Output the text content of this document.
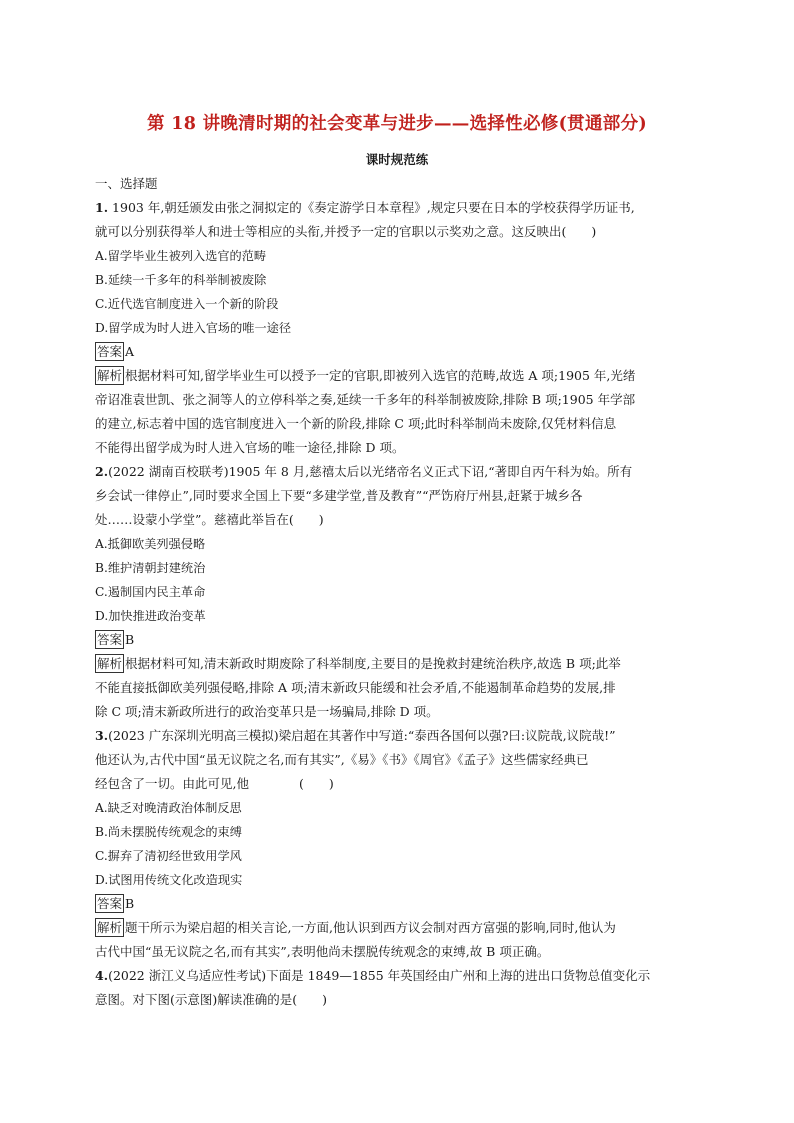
第 18 讲晚清时期的社会变革与进步——选择性必修(贯通部分)
课时规范练
一、选择题
1. 1903 年,朝廷颁发由张之洞拟定的《奏定游学日本章程》,规定只要在日本的学校获得学历证书,
就可以分别获得举人和进士等相应的头衔,并授予一定的官职以示奖劝之意。这反映出(　　)
A.留学毕业生被列入选官的范畴
B.延续一千多年的科举制被废除
C.近代选官制度进入一个新的阶段
D.留学成为时人进入官场的唯一途径
答案 A
解析 根据材料可知,留学毕业生可以授予一定的官职,即被列入选官的范畴,故选 A 项;1905 年,光绪
帝诏准袁世凯、张之洞等人的立停科举之奏,延续一千多年的科举制被废除,排除 B 项;1905 年学部
的建立,标志着中国的选官制度进入一个新的阶段,排除 C 项;此时科举制尚未废除,仅凭材料信息
不能得出留学成为时人进入官场的唯一途径,排除 D 项。
2.(2022 湖南百校联考)1905 年 8 月,慈禧太后以光绪帝名义正式下诏,“著即自丙午科为始。所有
乡会试一律停止”,同时要求全国上下要“多建学堂,普及教育”“严饬府厅州县,赶紧于城乡各
处……设蒙小学堂”。慈禧此举旨在(　　)
A.抵御欧美列强侵略
B.维护清朝封建统治
C.遏制国内民主革命
D.加快推进政治变革
答案 B
解析 根据材料可知,清末新政时期废除了科举制度,主要目的是挽救封建统治秩序,故选 B 项;此举
不能直接抵御欧美列强侵略,排除 A 项;清末新政只能缓和社会矛盾,不能遏制革命趋势的发展,排
除 C 项;清末新政所进行的政治变革只是一场骗局,排除 D 项。
3.(2023 广东深圳光明高三模拟)梁启超在其著作中写道:“泰西各国何以强?曰:议院哉,议院哉!”
他还认为,古代中国“虽无议院之名,而有其实”,《易》《书》《周官》《孟子》这些儒家经典已
经包含了一切。由此可见,他　　　　(　　)
A.缺乏对晚清政治体制反思
B.尚未摆脱传统观念的束缚
C.摒弃了清初经世致用学风
D.试图用传统文化改造现实
答案 B
解析 题干所示为梁启超的相关言论,一方面,他认识到西方议会制对西方富强的影响,同时,他认为
古代中国“虽无议院之名,而有其实”,表明他尚未摆脱传统观念的束缚,故 B 项正确。
4.(2022 浙江义乌适应性考试)下面是 1849—1855 年英国经由广州和上海的进出口货物总值变化示
意图。对下图(示意图)解读准确的是(　　)
